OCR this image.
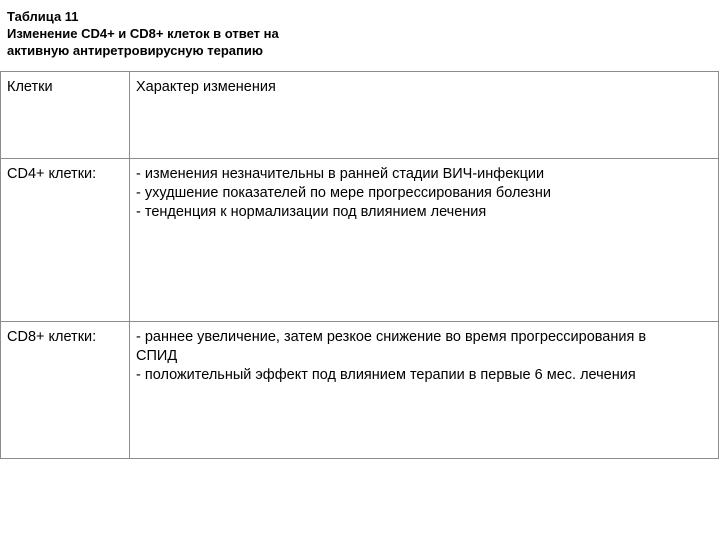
Таблица 11
Изменение CD4+ и CD8+ клеток в ответ на
активную антиретровирусную терапию
Клетки	Характер изменения
CD4+ клетки:	- изменения незначительны в ранней стадии ВИЧ-инфекции
- ухудшение показателей по мере прогрессирования болезни
- тенденция к нормализации под влиянием лечения

CD8+ клетки:	- раннее увеличение, затем резкое снижение во время прогрессирования в
СПИД
- положительный эффект под влиянием терапии в первые 6 мес. лечения
